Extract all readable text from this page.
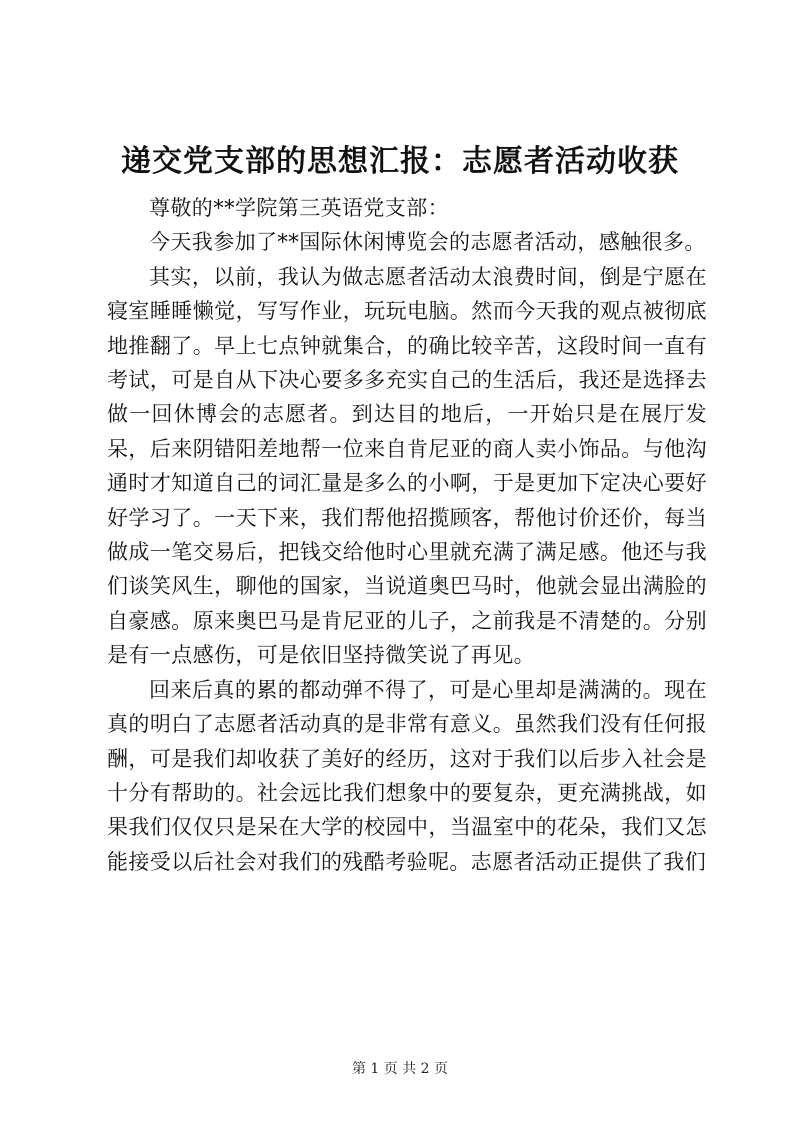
递交党支部的思想汇报：志愿者活动收获

尊敬的**学院第三英语党支部：

今天我参加了**国际休闲博览会的志愿者活动，感触很多。

其实，以前，我认为做志愿者活动太浪费时间，倒是宁愿在寝室睡睡懒觉，写写作业，玩玩电脑。然而今天我的观点被彻底地推翻了。早上七点钟就集合，的确比较辛苦，这段时间一直有考试，可是自从下决心要多多充实自己的生活后，我还是选择去做一回休博会的志愿者。到达目的地后，一开始只是在展厅发呆，后来阴错阳差地帮一位来自肯尼亚的商人卖小饰品。与他沟通时才知道自己的词汇量是多么的小啊，于是更加下定决心要好好学习了。一天下来，我们帮他招揽顾客，帮他讨价还价，每当做成一笔交易后，把钱交给他时心里就充满了满足感。他还与我们谈笑风生，聊他的国家，当说道奥巴马时，他就会显出满脸的自豪感。原来奥巴马是肯尼亚的儿子，之前我是不清楚的。分别是有一点感伤，可是依旧坚持微笑说了再见。

回来后真的累的都动弹不得了，可是心里却是满满的。现在真的明白了志愿者活动真的是非常有意义。虽然我们没有任何报酬，可是我们却收获了美好的经历，这对于我们以后步入社会是十分有帮助的。社会远比我们想象中的要复杂，更充满挑战，如果我们仅仅只是呆在大学的校园中，当温室中的花朵，我们又怎能接受以后社会对我们的残酷考验呢。志愿者活动正提供了我们

第 1 页 共 2 页
